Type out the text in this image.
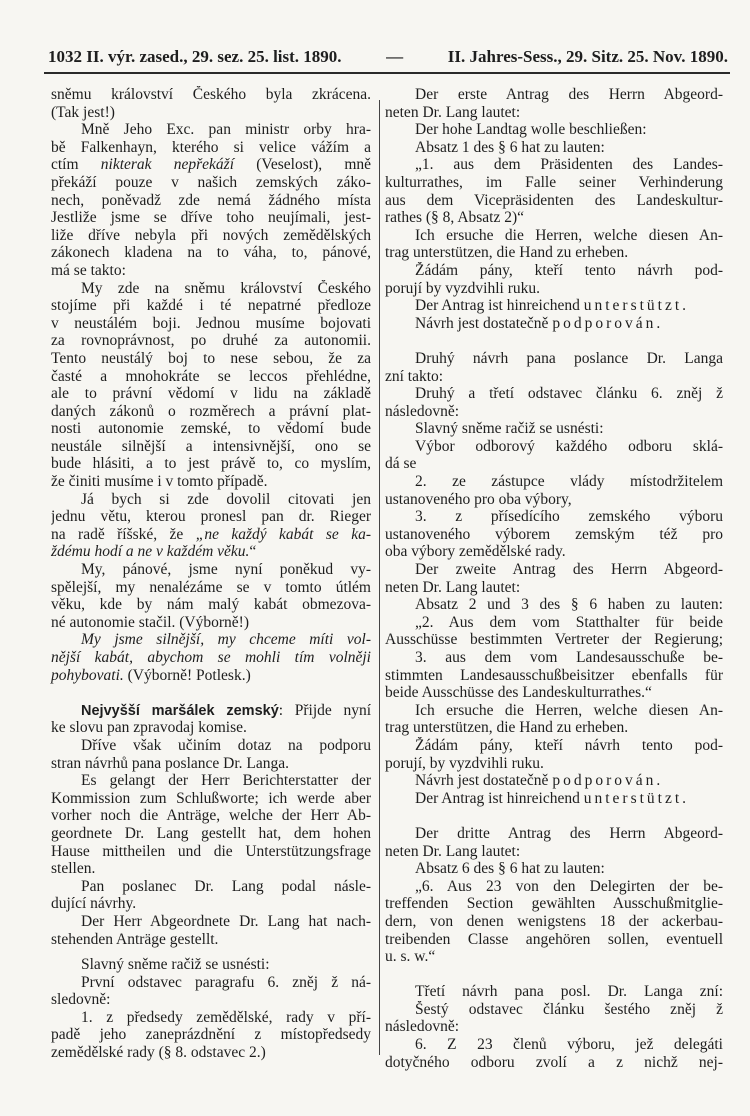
1032 II. výr. zased., 29. sez. 25. list. 1890.	—	II. Jahres-Sess., 29. Sitz. 25. Nov. 1890.
sněmu království Českého byla zkrácena.
(Tak jest!)
Mně Jeho Exc. pan ministr orby hra-
bě Falkenhayn, kterého si velice vážím a
ctím nikterak nepřekáží (Veselost), mně
překáží pouze v našich zemských záko-
nech, poněvadž zde nemá žádného místa
Jestliže jsme se dříve toho neujímali, jest-
liže dříve nebyla při nových zemědělských
zákonech kladena na to váha, to, pánové,
má se takto:
My zde na sněmu království Českého
stojíme při každé i té nepatrné předloze
v neustálém boji. Jednou musíme bojovati
za rovnoprávnost, po druhé za autonomii.
Tento neustálý boj to nese sebou, že za
časté a mnohokráte se leccos přehlédne,
ale to právní vědomí v lidu na základě
daných zákonů o rozměrech a právní plat-
nosti autonomie zemské, to vědomí bude
neustále silnější a intensivnější, ono se
bude hlásiti, a to jest právě to, co myslím,
že činiti musíme i v tomto případě.
Já bych si zde dovolil citovati jen
jednu větu, kterou pronesl pan dr. Rieger
na radě říšské, že „ne každý kabát se ka-
ždému hodí a ne v každém věku.“
My, pánové, jsme nyní poněkud vy-
spělejší, my nenalézáme se v tomto útlém
věku, kde by nám malý kabát obmezova-
né autonomie stačil. (Výborně!)
My jsme silnější, my chceme míti vol-
nější kabát, abychom se mohli tím volněji
pohybovati. (Výborně! Potlesk.)
Nejvyšší maršálek zemský: Přijde nyní
ke slovu pan zpravodaj komise.
Dříve však učiním dotaz na podporu
stran návrhů pana poslance Dr. Langa.
Es gelangt der Herr Berichterstatter der
Kommission zum Schlußworte; ich werde aber
vorher noch die Anträge, welche der Herr Ab-
geordnete Dr. Lang gestellt hat, dem hohen
Hause mittheilen und die Unterstützungsfrage
stellen.
Pan poslanec Dr. Lang podal násle-
dující návrhy.
Der Herr Abgeordnete Dr. Lang hat nach-
stehenden Anträge gestellt.
Slavný sněme račiž se usnésti:
První odstavec paragrafu 6. zněj ž ná-
sledovně:
1. z předsedy zemědělské, rady v pří-
padě jeho zaneprázdnění z místopředsedy
zemědělské rady (§ 8. odstavec 2.)
Der erste Antrag des Herrn Abgeord-
neten Dr. Lang lautet:
Der hohe Landtag wolle beschließen:
Absatz 1 des § 6 hat zu lauten:
„1. aus dem Präsidenten des Landes-
kulturrathes, im Falle seiner Verhinderung
aus dem Vicepräsidenten des Landeskultur-
rathes (§ 8, Absatz 2)“
Ich ersuche die Herren, welche diesen An-
trag unterstützen, die Hand zu erheben.
Žádám pány, kteří tento návrh pod-
porují by vyzdvihli ruku.
Der Antrag ist hinreichend unterstützt.
Návrh jest dostatečně podporován.
Druhý návrh pana poslance Dr. Langa
zní takto:
Druhý a třetí odstavec článku 6. zněj ž
následovně:
Slavný sněme račiž se usnésti:
Výbor odborový každého odboru sklá-
dá se
2. ze zástupce vlády místodržitelem
ustanoveného pro oba výbory,
3. z přísedícího zemského výboru
ustanoveného výborem zemským též pro
oba výbory zemědělské rady.
Der zweite Antrag des Herrn Abgeord-
neten Dr. Lang lautet:
Absatz 2 und 3 des § 6 haben zu lauten:
„2. Aus dem vom Statthalter für beide
Ausschüsse bestimmten Vertreter der Regierung;
3. aus dem vom Landesausschuße be-
stimmten Landesausschußbeisitzer ebenfalls für
beide Ausschüsse des Landeskulturrathes.“
Ich ersuche die Herren, welche diesen An-
trag unterstützen, die Hand zu erheben.
Žádám pány, kteří návrh tento pod-
porují, by vyzdvihli ruku.
Návrh jest dostatečně podporován.
Der Antrag ist hinreichend unterstützt.
Der dritte Antrag des Herrn Abgeord-
neten Dr. Lang lautet:
Absatz 6 des § 6 hat zu lauten:
„6. Aus 23 von den Delegirten der be-
treffenden Section gewählten Ausschußmitglie-
dern, von denen wenigstens 18 der ackerbau-
treibenden Classe angehören sollen, eventuell
u. s. w.“
Třetí návrh pana posl. Dr. Langa zní:
Šestý odstavec článku šestého zněj ž
následovně:
6. Z 23 členů výboru, jež delegáti
dotyčného odboru zvolí a z nichž nej-
